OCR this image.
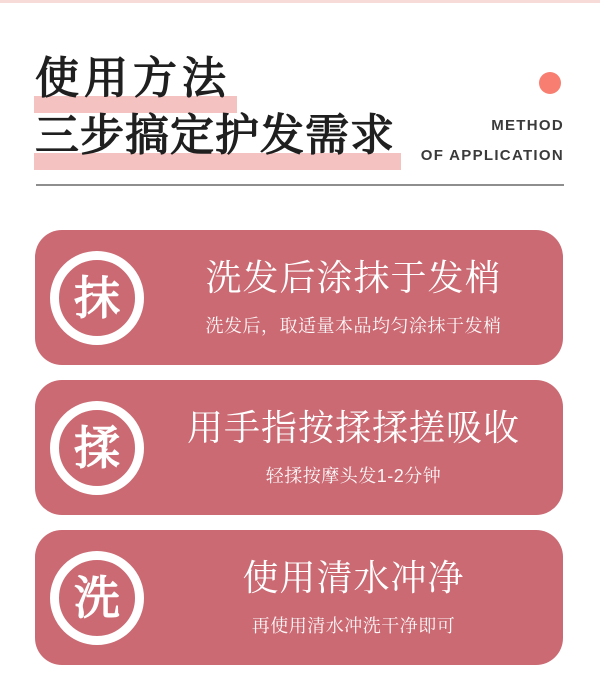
使用方法
三步搞定护发需求	METHOD
OF APPLICATION
抹	洗发后涂抹于发梢
洗发后，取适量本品均匀涂抹于发梢
揉	用手指按揉揉搓吸收
轻揉按摩头发1-2分钟
洗	使用清水冲净
再使用清水冲洗干净即可
